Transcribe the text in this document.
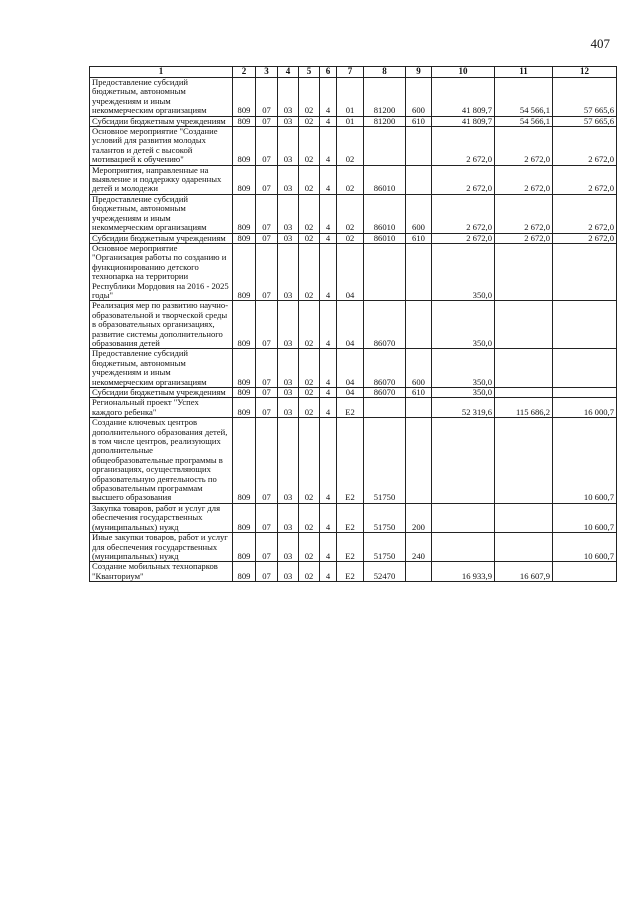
407
1	2	3	4	5	6	7	8	9	10	11	12
Предоставление субсидий бюджетным, автономным учреждениям и иным некоммерческим организациям	809	07	03	02	4	01	81200	600	41 809,7	54 566,1	57 665,6
Субсидии бюджетным учреждениям	809	07	03	02	4	01	81200	610	41 809,7	54 566,1	57 665,6
Основное мероприятие "Создание условий для развития молодых талантов и детей с высокой мотивацией к обучению"	809	07	03	02	4	02			2 672,0	2 672,0	2 672,0
Мероприятия, направленные на выявление и поддержку одаренных детей и молодежи	809	07	03	02	4	02	86010		2 672,0	2 672,0	2 672,0
Предоставление субсидий бюджетным, автономным учреждениям и иным некоммерческим организациям	809	07	03	02	4	02	86010	600	2 672,0	2 672,0	2 672,0
Субсидии бюджетным учреждениям	809	07	03	02	4	02	86010	610	2 672,0	2 672,0	2 672,0
Основное мероприятие "Организация работы по созданию и функционированию детского технопарка на территории Республики Мордовия на 2016 - 2025 годы"	809	07	03	02	4	04			350,0		
Реализация мер по развитию научно-образовательной и творческой среды в образовательных организациях, развитие системы дополнительного образования детей	809	07	03	02	4	04	86070		350,0		
Предоставление субсидий бюджетным, автономным учреждениям и иным некоммерческим организациям	809	07	03	02	4	04	86070	600	350,0		
Субсидии бюджетным учреждениям	809	07	03	02	4	04	86070	610	350,0		
Региональный проект "Успех каждого ребенка"	809	07	03	02	4	E2			52 319,6	115 686,2	16 000,7
Создание ключевых центров дополнительного образования детей, в том числе центров, реализующих дополнительные общеобразовательные программы в организациях, осуществляющих образовательную деятельность по образовательным программам высшего образования	809	07	03	02	4	E2	51750				10 600,7
Закупка товаров, работ и услуг для обеспечения государственных (муниципальных) нужд	809	07	03	02	4	E2	51750	200			10 600,7
Иные закупки товаров, работ и услуг для обеспечения государственных (муниципальных) нужд	809	07	03	02	4	E2	51750	240			10 600,7
Создание мобильных технопарков "Кванториум"	809	07	03	02	4	E2	52470		16 933,9	16 607,9	
